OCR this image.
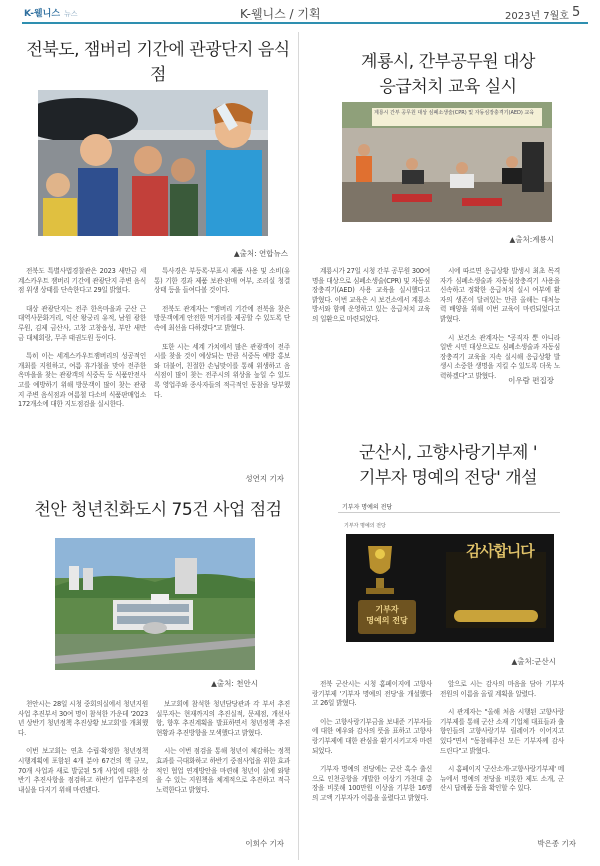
K-웰니스 뉴스	K-웰니스 / 기획	2023년 7월호 5
전북도, 잼버리 기간에 관광단지 음식점
▲출처: 연합뉴스

전북도 특별사법경찰관은 2023 새만금 세계스카우트 잼버리 기간에 관광단지 주변 음식점 위생 상태를 단속한다고 29일 밝혔다.

대상 관광단지는 전주 한옥마을과 군산 근대역사문화거리, 익산 왕궁리 유적, 남원 광한루원, 김제 금산사, 고창 고창읍성, 부안 새만금 대체회랑, 무주 태권도원 등이다.

특히 이는 세계스카우트잼버리의 성공적인 개최를 지원하고, 여름 휴가철을 맞아 전주한옥마을을 찾는 관광객의 식중독 등 식품안전사고를 예방하기 위해 방문객이 많이 찾는 관광지 주변 음식점과 여름철 다소비 식품판매업소 172개소에 대한 지도점검을 실시한다.

특사경은 부등록·부표시 제품 사용 및 소비(유통) 기한 경과 제품 보관·판매 여부, 조리실 청결 상태 등을 들여다볼 것이다.

전북도 관계자는 "잼버리 기간에 전북을 찾은 방문객에게 안전한 먹거리를 제공할 수 있도록 단속에 최선을 다하겠다"고 밝혔다.

또한 시는 세계 가치에서 많은 관광객이 전주시를 찾을 것이 예상되는 만큼 식중독 예방 홍보와 더불어, 친절한 손님맞이를 통해 위생하고 음식점이 많이 찾는 전주시의 위상을 높일 수 있도록 영업주와 종사자들의 적극적인 동참을 당부했다.

성연지 기자
계룡시, 간부공무원 대상
응급처치 교육 실시
계룡시 간부 공무원 대상 심폐소생술(CPR) 및 자동심장충격기(AED) 교육
▲출처:계룡시

계룡시가 27일 시청 간부 공무원 300여 명을 대상으로 심폐소생술(CPR) 및 자동심장충격기(AED) 사용 교육을 실시했다고 밝혔다. 이번 교육은 시 보건소에서 계룡소방서와 함께 운영하고 있는 응급처치 교육의 일환으로 마련되었다.

시에 따르면 응급상황 발생시 최초 목격자가 심폐소생술과 자동심장충격기 사용을 신속하고 정확한 응급처치 실시 여부에 환자의 생존이 달려있는 만큼 올해는 대처능력 배양을 위해 이번 교육이 마련되었다고 밝혔다.

시 보건소 관계자는 "공직자 뿐 아니라 일반 시민 대상으로도 심폐소생술과 자동심장충격기 교육을 지속 실시해 응급상황 발생시 소중한 생명을 지킬 수 있도록 더욱 노력하겠다"고 밝혔다.

이우람 편집장
천안 청년친화도시 75건 사업 점검
▲출처: 천안시

천안시는 28일 시청 중회의실에서 청년지원사업 추진부서 30여 명이 참석한 가운데 '2023년 상반기 청년정책 추진상황 보고회'를 개최했다.

이번 보고회는 연초 수립·확정한 청년정책 시행계획에 포함된 4개 분야 67건의 핵 규모, 70개 사업과 새로 발굴된 5개 사업에 대한 상반기 추진사항을 점검하고 하반기 업무추진의 내실을 다지기 위해 마련됐다.

보고회에 참석한 청년담당관과 각 부서 추진 실무자는 현재까지의 추진실적, 문제점, 개선사항, 향후 추진계획을 발표하면서 청년정책 추진현황과 추진방향을 모색했다고 밝혔다.

시는 이번 점검을 통해 청년이 체감하는 정책효과를 극대화하고 하반기 중점사업을 위한 효과적인 협업 연계방안을 마련해 청년이 살에 와닿을 수 있는 지원책을 체계적으로 추진하고 적극 노력한다고 밝혔다.

이희수 기자
군산시, 고향사랑기부제 '
기부자 명예의 전당' 개설
기부자 명예의 전당
기부자 명예의 전당
감사합니다
기부자
명예의 전당
▲출처:군산시

전북 군산시는 시청 홈페이지에 고향사랑기부제 '기부자 명예의 전당'을 개설했다고 26일 밝혔다.

이는 고향사랑기부금을 보내준 기부자들에 대한 예우와 감사의 뜻을 표하고 고향사랑기부제에 대한 관심을 환기시키고자 마련되었다.

기부자 명예의 전당에는 군산 혹수 출신으로 인천공항을 개발한 이상기 가천대 총장을 비롯해 100만원 이상을 기부한 16명의 고액 기부자가 이름을 올렸다고 밝혔다.

앞으로 시는 감사의 마음을 담아 기부자 전원의 이름을 올릴 계획을 알렸다.

시 관계자는 "올해 처음 시행된 고향사랑 기부제를 통해 군산 소재 기업체 대표들과 출향인들의 고향사랑기부 릴레이가 이어지고 있다"면서 "동참해주신 모든 기부자께 감사드린다"고 밝혔다.

시 홈페이지 '군산소개-고향사랑기부제' 메뉴에서 명예의 전당을 비롯한 제도 소개, 군산시 답례품 등을 확인할 수 있다.

박은종 기자
